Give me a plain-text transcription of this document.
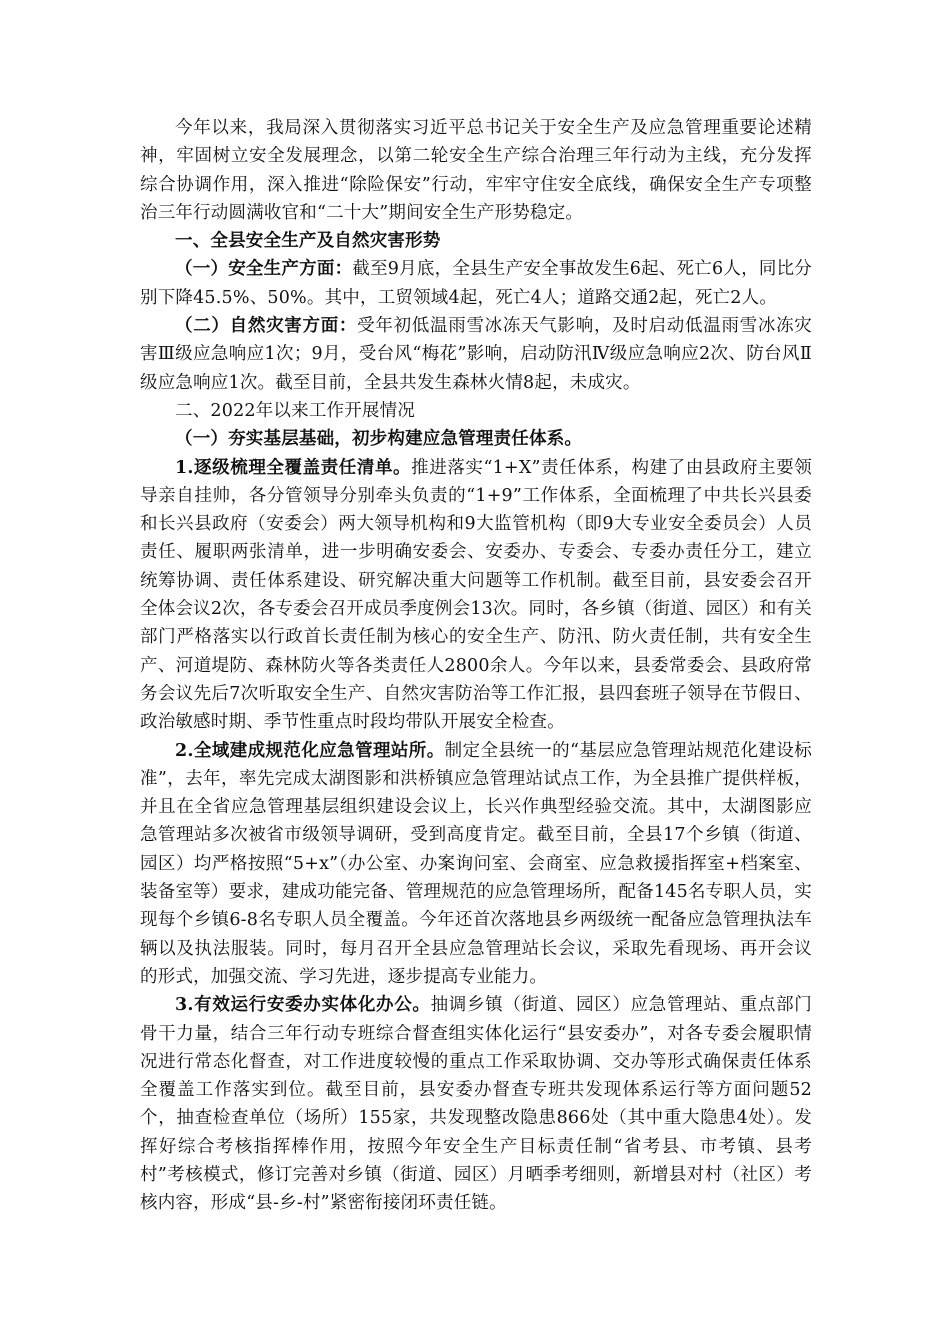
今年以来，我局深入贯彻落实习近平总书记关于安全生产及应急管理重要论述精神，牢固树立安全发展理念，以第二轮安全生产综合治理三年行动为主线，充分发挥综合协调作用，深入推进“除险保安”行动，牢牢守住安全底线，确保安全生产专项整治三年行动圆满收官和“二十大”期间安全生产形势稳定。

一、全县安全生产及自然灾害形势

（一）安全生产方面：截至9月底，全县生产安全事故发生6起、死亡6人，同比分别下降45.5%、50%。其中，工贸领域4起，死亡4人；道路交通2起，死亡2人。

（二）自然灾害方面：受年初低温雨雪冰冻天气影响，及时启动低温雨雪冰冻灾害Ⅲ级应急响应1次；9月，受台风“梅花”影响，启动防汛Ⅳ级应急响应2次、防台风Ⅱ级应急响应1次。截至目前，全县共发生森林火情8起，未成灾。

二、2022年以来工作开展情况

（一）夯实基层基础，初步构建应急管理责任体系。

1.逐级梳理全覆盖责任清单。推进落实“1+X”责任体系，构建了由县政府主要领导亲自挂帅，各分管领导分别牵头负责的“1+9”工作体系，全面梳理了中共长兴县委和长兴县政府（安委会）两大领导机构和9大监管机构（即9大专业安全委员会）人员责任、履职两张清单，进一步明确安委会、安委办、专委会、专委办责任分工，建立统筹协调、责任体系建设、研究解决重大问题等工作机制。截至目前，县安委会召开全体会议2次，各专委会召开成员季度例会13次。同时，各乡镇（街道、园区）和有关部门严格落实以行政首长责任制为核心的安全生产、防汛、防火责任制，共有安全生产、河道堤防、森林防火等各类责任人2800余人。今年以来，县委常委会、县政府常务会议先后7次听取安全生产、自然灾害防治等工作汇报，县四套班子领导在节假日、政治敏感时期、季节性重点时段均带队开展安全检查。

2.全域建成规范化应急管理站所。制定全县统一的“基层应急管理站规范化建设标准”，去年，率先完成太湖图影和洪桥镇应急管理站试点工作，为全县推广提供样板，并且在全省应急管理基层组织建设会议上，长兴作典型经验交流。其中，太湖图影应急管理站多次被省市级领导调研，受到高度肯定。截至目前，全县17个乡镇（街道、园区）均严格按照“5+x”（办公室、办案询问室、会商室、应急救援指挥室+档案室、装备室等）要求，建成功能完备、管理规范的应急管理场所，配备145名专职人员，实现每个乡镇6-8名专职人员全覆盖。今年还首次落地县乡两级统一配备应急管理执法车辆以及执法服装。同时，每月召开全县应急管理站长会议，采取先看现场、再开会议的形式，加强交流、学习先进，逐步提高专业能力。

3.有效运行安委办实体化办公。抽调乡镇（街道、园区）应急管理站、重点部门骨干力量，结合三年行动专班综合督查组实体化运行“县安委办”，对各专委会履职情况进行常态化督查，对工作进度较慢的重点工作采取协调、交办等形式确保责任体系全覆盖工作落实到位。截至目前，县安委办督查专班共发现体系运行等方面问题52个，抽查检查单位（场所）155家，共发现整改隐患866处（其中重大隐患4处）。发挥好综合考核指挥棒作用，按照今年安全生产目标责任制“省考县、市考镇、县考村”考核模式，修订完善对乡镇（街道、园区）月晒季考细则，新增县对村（社区）考核内容，形成“县-乡-村”紧密衔接闭环责任链。
